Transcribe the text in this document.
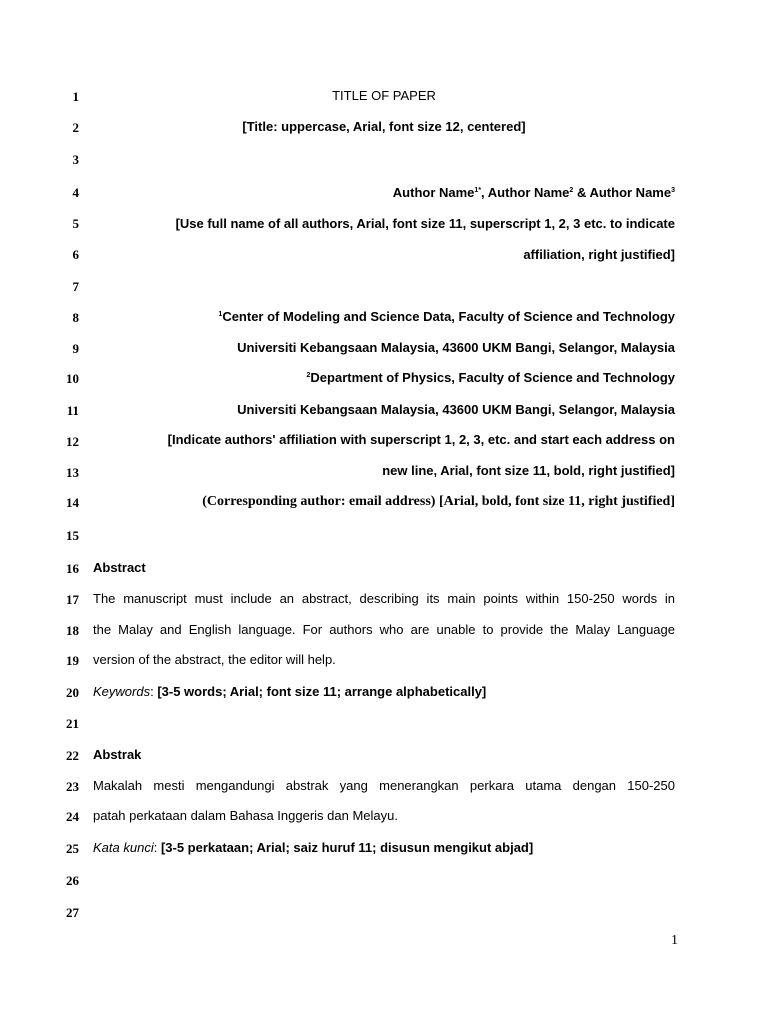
1
2
3
4
5
6
7
8
9
10
11
12
13
14
15
16
17
18
19
20
21
22
23
24
25
26
27
TITLE OF PAPER
[Title: uppercase, Arial, font size 12, centered]
Author Name$^{1*}$, Author Name$^2$ & Author Name$^3$
[Use full name of all authors, Arial, font size 11, superscript 1, 2, 3 etc. to indicate
affiliation, right justified]
$^1$Center of Modeling and Science Data, Faculty of Science and Technology
Universiti Kebangsaan Malaysia, 43600 UKM Bangi, Selangor, Malaysia
$^2$Department of Physics, Faculty of Science and Technology
Universiti Kebangsaan Malaysia, 43600 UKM Bangi, Selangor, Malaysia
[Indicate authors' affiliation with superscript 1, 2, 3, etc. and start each address on
new line, Arial, font size 11, bold, right justified]
(Corresponding author: email address) [Arial, bold, font size 11, right justified]
Abstract
The manuscript must include an abstract, describing its main points within 150-250 words in
the Malay and English language. For authors who are unable to provide the Malay Language
version of the abstract, the editor will help.
Keywords: [3-5 words; Arial; font size 11; arrange alphabetically]
Abstrak
Makalah mesti mengandungi abstrak yang menerangkan perkara utama dengan 150-250
patah perkataan dalam Bahasa Inggeris dan Melayu.
Kata kunci: [3-5 perkataan; Arial; saiz huruf 11; disusun mengikut abjad]
1
